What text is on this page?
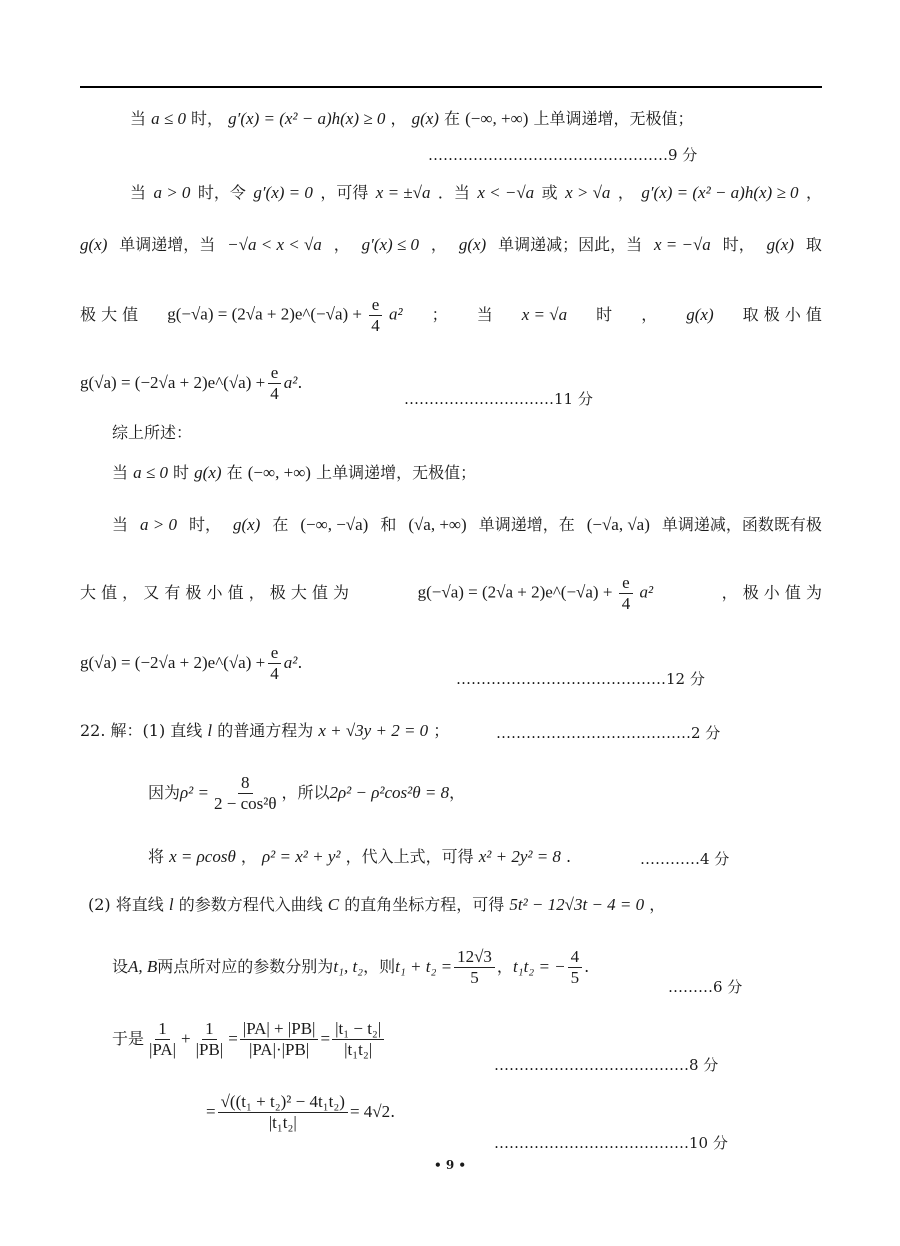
当 a ≤ 0 时， g′(x) = (x² − a)h(x) ≥ 0 ， g(x) 在 (−∞, +∞) 上单调递增，无极值；
…………………………………………9 分
当 a > 0 时，令 g′(x) = 0 ，可得 x = ±√a ．当 x < −√a 或 x > √a ， g′(x) = (x² − a)h(x) ≥ 0 ，
g(x) 单调递增，当 −√a < x < √a ， g′(x) ≤ 0 ， g(x) 单调递减；因此，当 x = −√a 时， g(x) 取
极 大 值 g(−√a) = (2√a + 2)e^(−√a) + $\frac{e}{4} a^2$ ； 当 x = √a 时 ， g(x) 取 极 小 值
g(√a) = (−2√a + 2)e^(√a) + $\frac{e}{4} a^2$ .
…………………………11 分
综上所述：
当 a ≤ 0 时 g(x) 在 (−∞, +∞) 上单调递增，无极值；
当 a > 0 时， g(x) 在 (−∞, −√a) 和 (√a, +∞) 单调递增，在 (−√a, √a) 单调递减，函数既有极
大 值 ， 又 有 极 小 值 ， 极 大 值 为	g(−√a) = (2√a + 2)e^(−√a) + $\frac{e}{4} a^2$	， 极 小 值 为
g(√a) = (−2√a + 2)e^(√a) + $\frac{e}{4} a^2$ .
……………………………………12 分
22. 解：(1) 直线 l 的普通方程为 x + √3y + 2 = 0 ；	…………………………………2 分
因为 $\rho^2 = \frac{8}{\text{2 − cos²θ}}$ ，所以 2ρ² − ρ²cos²θ = 8 ，
将 x = ρcosθ ， ρ² = x² + y² ，代入上式，可得 x² + 2y² = 8 .	…………4 分
(2) 将直线 l 的参数方程代入曲线 C 的直角坐标方程，可得 5t² − 12√3t − 4 = 0 ，
设 A, B 两点所对应的参数分别为 t₁, t₂ ，则 $t_1 + t_2 = \frac{12√3}{5}$ ， t₁t₂ = − $\frac{4}{5}$ .
………6 分
于是 $\frac{1}{|PA|} + \frac{1}{|PB|} = \frac{|PA| + |PB|}{|PA|\cdot|PB|} = \frac{\text{|t₁ − t₂|}}{\text{|t₁t₂|}}$
…………………………………8 分
= $\frac{\text{√((t₁ + t₂)² − 4t₁t₂)}}{\text{|t₁t₂|}} = 4√2$ .
…………………………………10 分
• 9 •
